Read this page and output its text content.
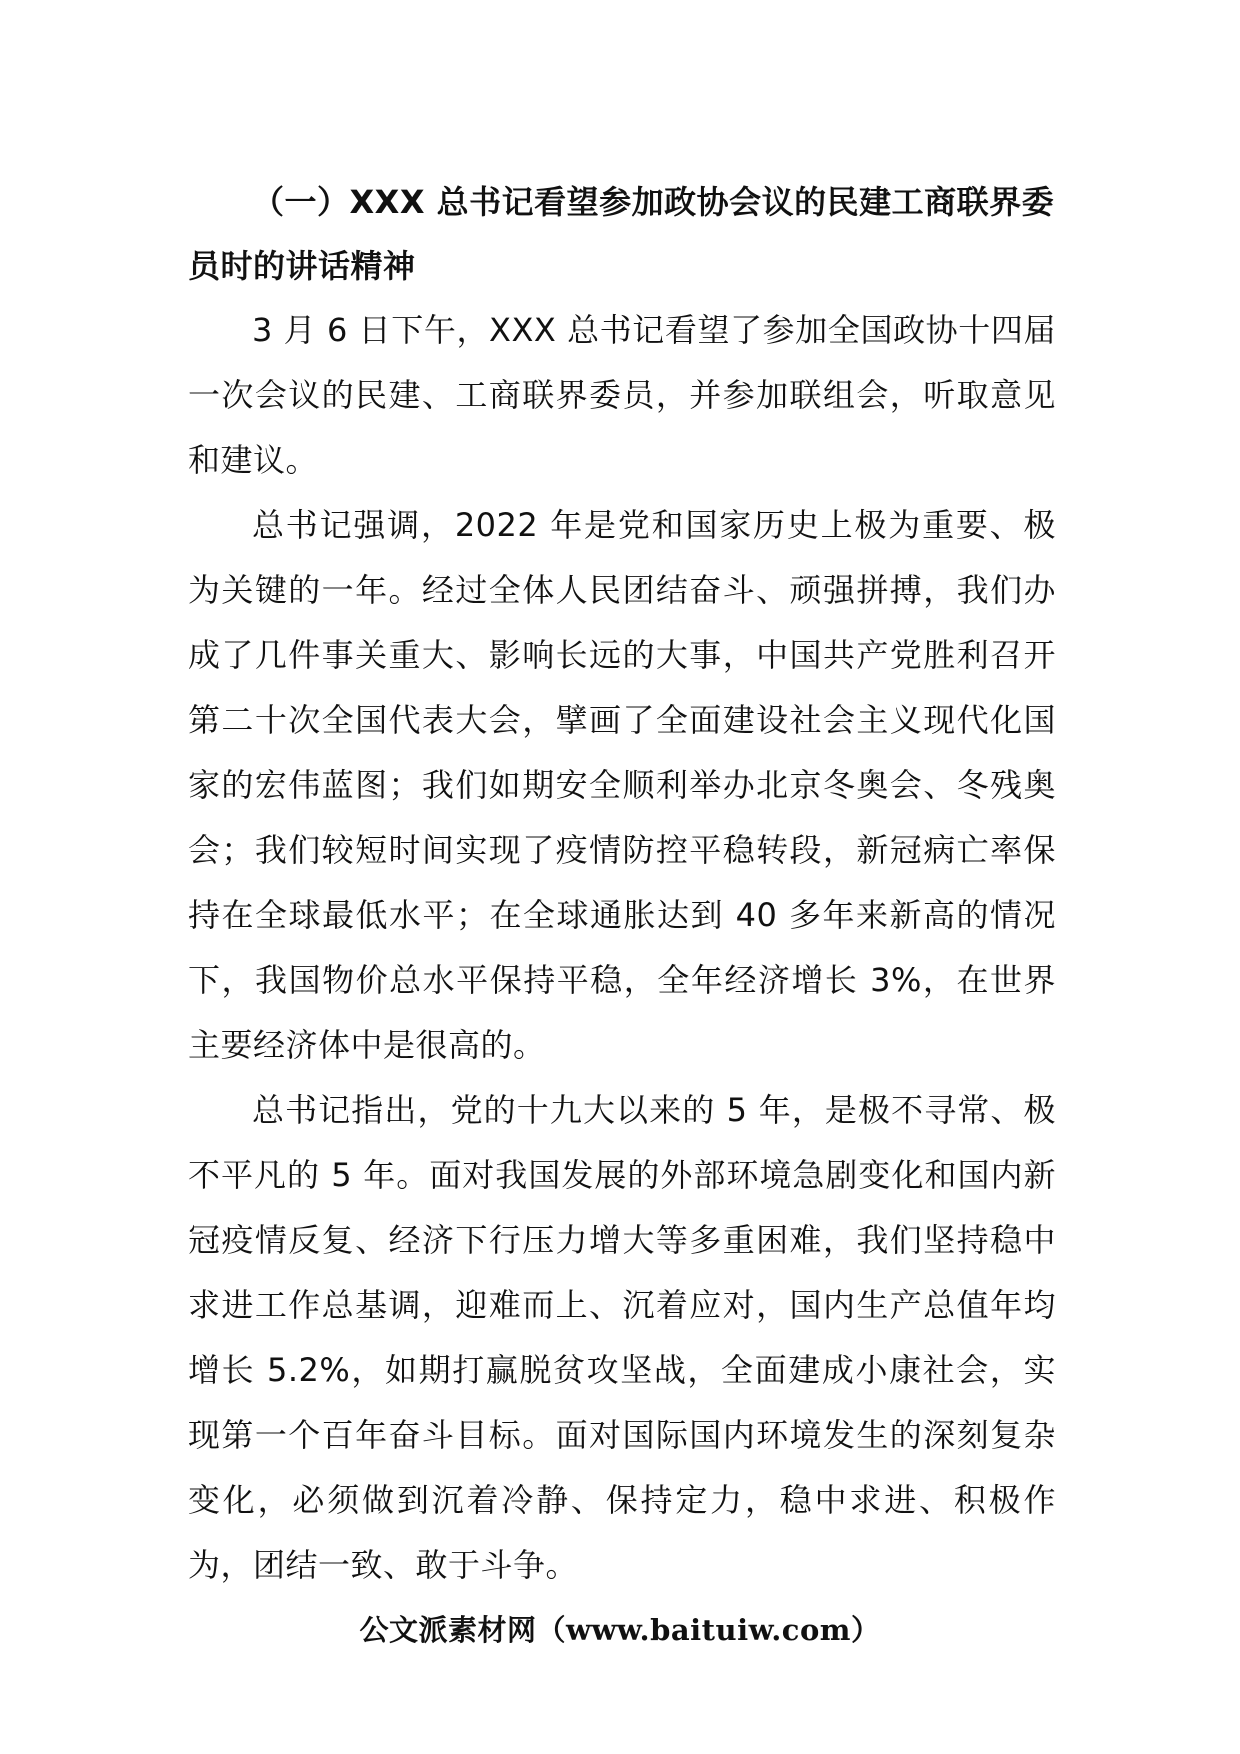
（一）XXX 总书记看望参加政协会议的民建工商联界委员时的讲话精神

3 月 6 日下午，XXX 总书记看望了参加全国政协十四届一次会议的民建、工商联界委员，并参加联组会，听取意见和建议。

总书记强调，2022 年是党和国家历史上极为重要、极为关键的一年。经过全体人民团结奋斗、顽强拼搏，我们办成了几件事关重大、影响长远的大事，中国共产党胜利召开第二十次全国代表大会，擘画了全面建设社会主义现代化国家的宏伟蓝图；我们如期安全顺利举办北京冬奥会、冬残奥会；我们较短时间实现了疫情防控平稳转段，新冠病亡率保持在全球最低水平；在全球通胀达到 40 多年来新高的情况下，我国物价总水平保持平稳，全年经济增长 3%，在世界主要经济体中是很高的。

总书记指出，党的十九大以来的 5 年，是极不寻常、极不平凡的 5 年。面对我国发展的外部环境急剧变化和国内新冠疫情反复、经济下行压力增大等多重困难，我们坚持稳中求进工作总基调，迎难而上、沉着应对，国内生产总值年均增长 5.2%，如期打赢脱贫攻坚战，全面建成小康社会，实现第一个百年奋斗目标。面对国际国内环境发生的深刻复杂变化，必须做到沉着冷静、保持定力，稳中求进、积极作为，团结一致、敢于斗争。

公文派素材网（www.baituiw.com）
